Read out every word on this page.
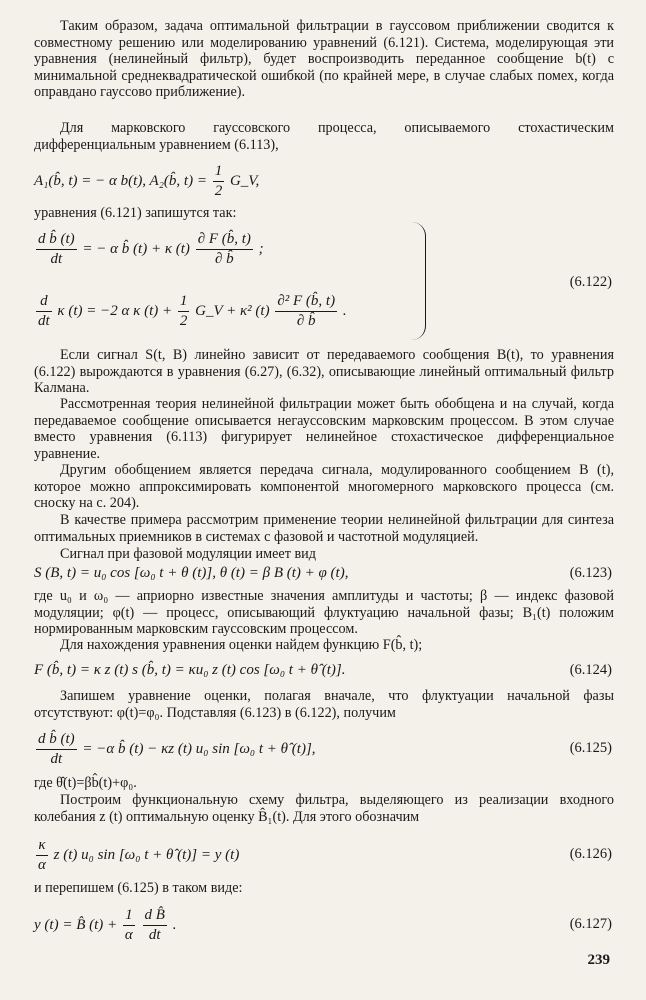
Таким образом, задача оптимальной фильтрации в гауссовом приближении сводится к совместному решению или моделированию уравнений (6.121). Система, моделирующая эти уравнения (нелинейный фильтр), будет воспроизводить переданное сообщение b(t) с минимальной среднеквадратической ошибкой (по крайней мере, в случае слабых помех, когда оправдано гауссово приближение).
Для марковского гауссовского процесса, описываемого стохастическим дифференциальным уравнением (6.113),
A₁(b̂, t) = − α b(t), A₂(b̂, $t) = \frac{1}{2}$ G_V,
уравнения (6.121) запишутся так:
$\frac{\text{d b̂ (t)}}{dt}$ = − α b̂ (t) + κ $(t) \frac{\partial F (b̂, t)}{\partial b̂}$ ;
$\frac{d}{dt}$ κ (t) = −2 α κ $(t) + \frac{1}{2}$ G_V + κ² $(t) \frac{\text{∂² F (b̂, t)}}{\partial b̂}$ .
(6.122)
Если сигнал S(t, B) линейно зависит от передаваемого сообщения B(t), то уравнения (6.122) вырождаются в уравнения (6.27), (6.32), описывающие линейный оптимальный фильтр Калмана.
Рассмотренная теория нелинейной фильтрации может быть обобщена и на случай, когда передаваемое сообщение описывается негауссовским марковским процессом. В этом случае вместо уравнения (6.113) фигурирует нелинейное стохастическое дифференциальное уравнение.
Другим обобщением является передача сигнала, модулированного сообщением B (t), которое можно аппроксимировать компонентой многомерного марковского процесса (см. сноску на с. 204).
В качестве примера рассмотрим применение теории нелинейной фильтрации для синтеза оптимальных приемников в системах с фазовой и частотной модуляцией.
Сигнал при фазовой модуляции имеет вид
S (B, t) = u₀ cos [ω₀ t + θ (t)], θ (t) = β B (t) + φ (t),	(6.123)
где u₀ и ω₀ — априорно известные значения амплитуды и частоты; β — индекс фазовой модуляции; φ(t) — процесс, описывающий флуктуацию начальной фазы; B₁(t) положим нормированным марковским гауссовским процессом.
Для нахождения уравнения оценки найдем функцию F(b̂, t);
F (b̂, t) = κ z (t) s (b̂, t) = κu₀ z (t) cos [ω₀ t + θ̂ (t)].	(6.124)
Запишем уравнение оценки, полагая вначале, что флуктуации начальной фазы отсутствуют: φ(t)=φ₀. Подставляя (6.123) в (6.122), получим
$\frac{\text{d b̂ (t)}}{dt} = -\alpha$ b̂ (t) − κz (t) u₀ sin [ω₀ t + θ̂ (t)],	(6.125)
где θ̂(t)=βb̂(t)+φ₀.
Построим функциональную схему фильтра, выделяющего из реализации входного колебания z (t) оптимальную оценку B̂₁(t). Для этого обозначим
$\frac{\kappa}{\alpha}$ z (t) u₀ sin [ω₀ t + θ̂ (t)] = y (t)	(6.126)
и перепишем (6.125) в таком виде:
y (t) = B̂ $(t) + \frac{1}{\alpha}$
$\frac{\text{d B̂}}{dt}$ .	(6.127)
239
